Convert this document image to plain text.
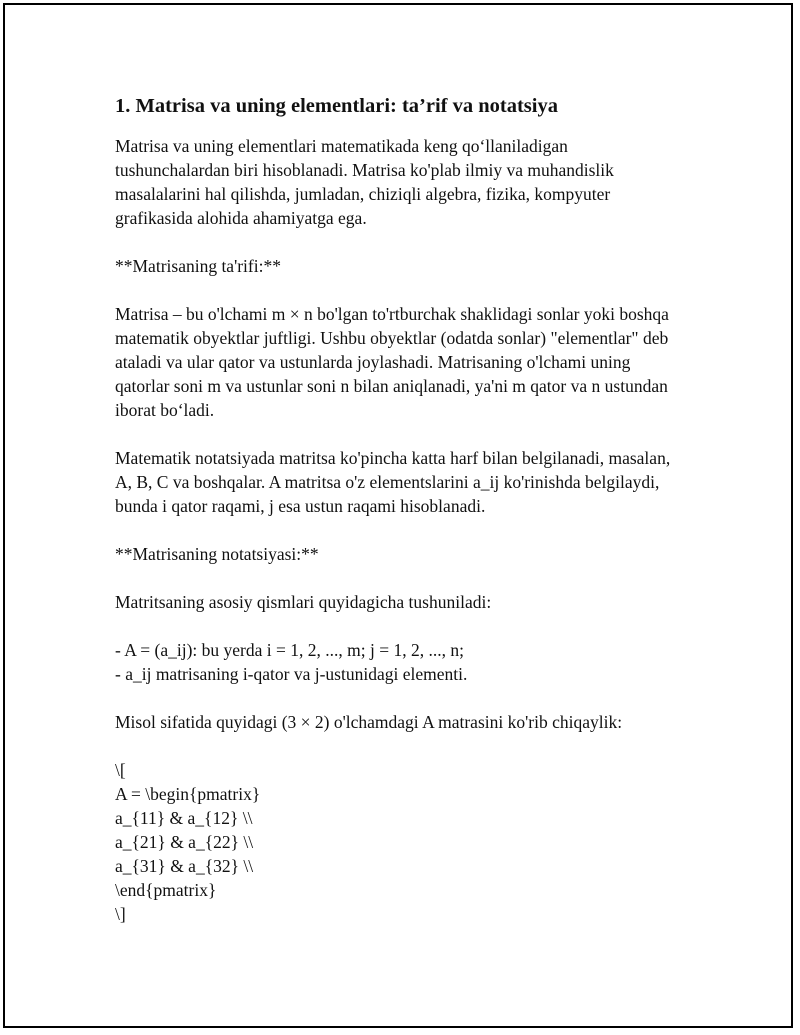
1. Matrisa va uning elementlari: ta’rif va notatsiya

Matrisa va uning elementlari matematikada keng qo‘llaniladigan tushunchalardan biri hisoblanadi. Matrisa ko'plab ilmiy va muhandislik masalalarini hal qilishda, jumladan, chiziqli algebra, fizika, kompyuter grafikasida alohida ahamiyatga ega.

**Matrisaning ta'rifi:**

Matrisa – bu o'lchami m × n bo'lgan to'rtburchak shaklidagi sonlar yoki boshqa matematik obyektlar juftligi. Ushbu obyektlar (odatda sonlar) "elementlar" deb ataladi va ular qator va ustunlarda joylashadi. Matrisaning o'lchami uning qatorlar soni m va ustunlar soni n bilan aniqlanadi, ya'ni m qator va n ustundan iborat bo‘ladi.

Matematik notatsiyada matritsa ko'pincha katta harf bilan belgilanadi, masalan, A, B, C va boshqalar. A matritsa o'z elementslarini a_ij ko'rinishda belgilaydi, bunda i qator raqami, j esa ustun raqami hisoblanadi.

**Matrisaning notatsiyasi:**

Matritsaning asosiy qismlari quyidagicha tushuniladi:

- A = (a_ij): bu yerda i = 1, 2, ..., m; j = 1, 2, ..., n;
- a_ij matrisaning i-qator va j-ustunidagi elementi.

Misol sifatida quyidagi (3 × 2) o'lchamdagi A matrasini ko'rib chiqaylik:

\[
A = \begin{pmatrix}
a_{11} & a_{12} \\
a_{21} & a_{22} \\
a_{31} & a_{32} \\
\end{pmatrix}
\]
